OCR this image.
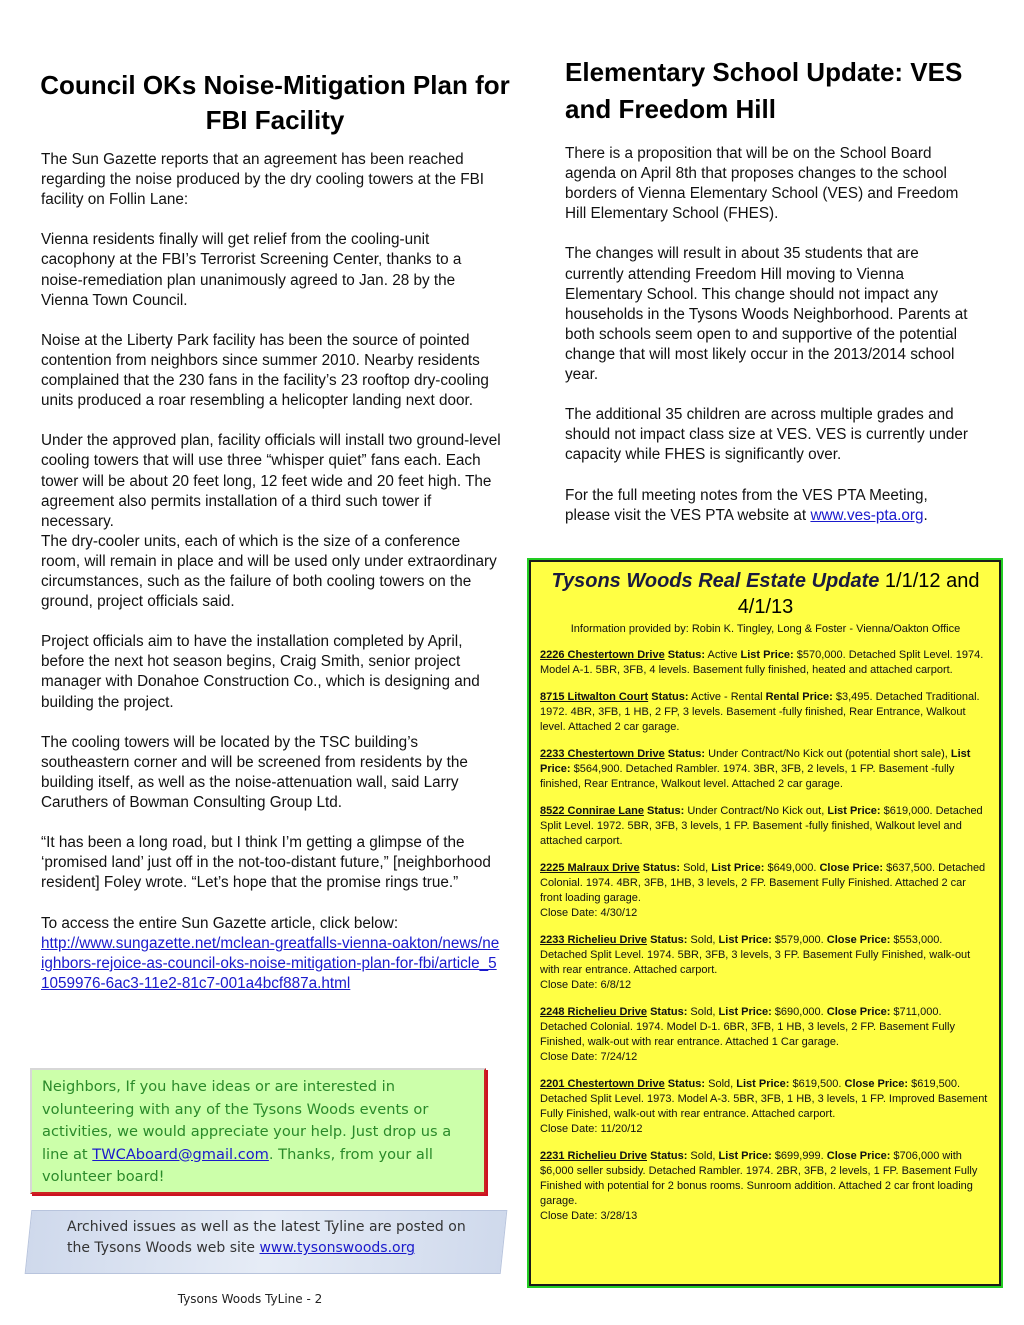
Council OKs Noise-Mitigation Plan for FBI Facility

The Sun Gazette reports that an agreement has been reached regarding the noise produced by the dry cooling towers at the FBI facility on Follin Lane:

Vienna residents finally will get relief from the cooling-unit cacophony at the FBI’s Terrorist Screening Center, thanks to a noise-remediation plan unanimously agreed to Jan. 28 by the Vienna Town Council.

Noise at the Liberty Park facility has been the source of pointed contention from neighbors since summer 2010. Nearby residents complained that the 230 fans in the facility’s 23 rooftop dry-cooling units produced a roar resembling a helicopter landing next door.

Under the approved plan, facility officials will install two ground-level cooling towers that will use three “whisper quiet” fans each. Each tower will be about 20 feet long, 12 feet wide and 20 feet high. The agreement also permits installation of a third such tower if necessary.

The dry-cooler units, each of which is the size of a conference room, will remain in place and will be used only under extraordinary circumstances, such as the failure of both cooling towers on the ground, project officials said.

Project officials aim to have the installation completed by April, before the next hot season begins, Craig Smith, senior project manager with Donahoe Construction Co., which is designing and building the project.

The cooling towers will be located by the TSC building’s southeastern corner and will be screened from residents by the building itself, as well as the noise-attenuation wall, said Larry Caruthers of Bowman Consulting Group Ltd.

“It has been a long road, but I think I’m getting a glimpse of the ‘promised land’ just off in the not-too-distant future,” [neighborhood resident] Foley wrote. “Let’s hope that the promise rings true.”

To access the entire Sun Gazette article, click below:

http://www.sungazette.net/mclean-greatfalls-vienna-oakton/news/neighbors-rejoice-as-council-oks-noise-mitigation-plan-for-fbi/article_51059976-6ac3-11e2-81c7-001a4bcf887a.html
Elementary School Update: VES and Freedom Hill

There is a proposition that will be on the School Board agenda on April 8th that proposes changes to the school borders of Vienna Elementary School (VES) and Freedom Hill Elementary School (FHES).

The changes will result in about 35 students that are currently attending Freedom Hill moving to Vienna Elementary School. This change should not impact any households in the Tysons Woods Neighborhood. Parents at both schools seem open to and supportive of the potential change that will most likely occur in the 2013/2014 school year.

The additional 35 children are across multiple grades and should not impact class size at VES. VES is currently under capacity while FHES is significantly over.

For the full meeting notes from the VES PTA Meeting, please visit the VES PTA website at www.ves-pta.org.

Neighbors, If you have ideas or are interested in volunteering with any of the Tysons Woods events or activities, we would appreciate your help. Just drop us a line at TWCAboard@gmail.com. Thanks, from your all volunteer board!

Archived issues as well as the latest Tyline are posted on the Tysons Woods web site www.tysonswoods.org
Tysons Woods TyLine - 2

Tysons Woods Real Estate Update 1/1/12 and 4/1/13

Information provided by: Robin K. Tingley, Long & Foster - Vienna/Oakton Office

2226 Chestertown Drive Status: Active List Price: $570,000. Detached Split Level. 1974. Model A-1. 5BR, 3FB, 4 levels. Basement fully finished, heated and attached carport.

8715 Litwalton Court Status: Active - Rental Rental Price: $3,495. Detached Traditional. 1972. 4BR, 3FB, 1 HB, 2 FP, 3 levels. Basement -fully finished, Rear Entrance, Walkout level. Attached 2 car garage.

2233 Chestertown Drive Status: Under Contract/No Kick out (potential short sale), List Price: $564,900. Detached Rambler. 1974. 3BR, 3FB, 2 levels, 1 FP. Basement -fully finished, Rear Entrance, Walkout level. Attached 2 car garage.

8522 Connirae Lane Status: Under Contract/No Kick out, List Price: $619,000. Detached Split Level. 1972. 5BR, 3FB, 3 levels, 1 FP. Basement -fully finished, Walkout level and attached carport.

2225 Malraux Drive Status: Sold, List Price: $649,000. Close Price: $637,500. Detached Colonial. 1974. 4BR, 3FB, 1HB, 3 levels, 2 FP. Basement Fully Finished. Attached 2 car front loading garage.
Close Date: 4/30/12

2233 Richelieu Drive Status: Sold, List Price: $579,000. Close Price: $553,000. Detached Split Level. 1974. 5BR, 3FB, 3 levels, 3 FP. Basement Fully Finished, walk-out with rear entrance. Attached carport.
Close Date: 6/8/12

2248 Richelieu Drive Status: Sold, List Price: $690,000. Close Price: $711,000. Detached Colonial. 1974. Model D-1. 6BR, 3FB, 1 HB, 3 levels, 2 FP. Basement Fully Finished, walk-out with rear entrance. Attached 1 Car garage.
Close Date: 7/24/12

2201 Chestertown Drive Status: Sold, List Price: $619,500. Close Price: $619,500. Detached Split Level. 1973. Model A-3. 5BR, 3FB, 1 HB, 3 levels, 1 FP. Improved Basement Fully Finished, walk-out with rear entrance. Attached carport.
Close Date: 11/20/12

2231 Richelieu Drive Status: Sold, List Price: $699,999. Close Price: $706,000 with $6,000 seller subsidy. Detached Rambler. 1974. 2BR, 3FB, 2 levels, 1 FP. Basement Fully Finished with potential for 2 bonus rooms. Sunroom addition. Attached 2 car front loading garage.
Close Date: 3/28/13
